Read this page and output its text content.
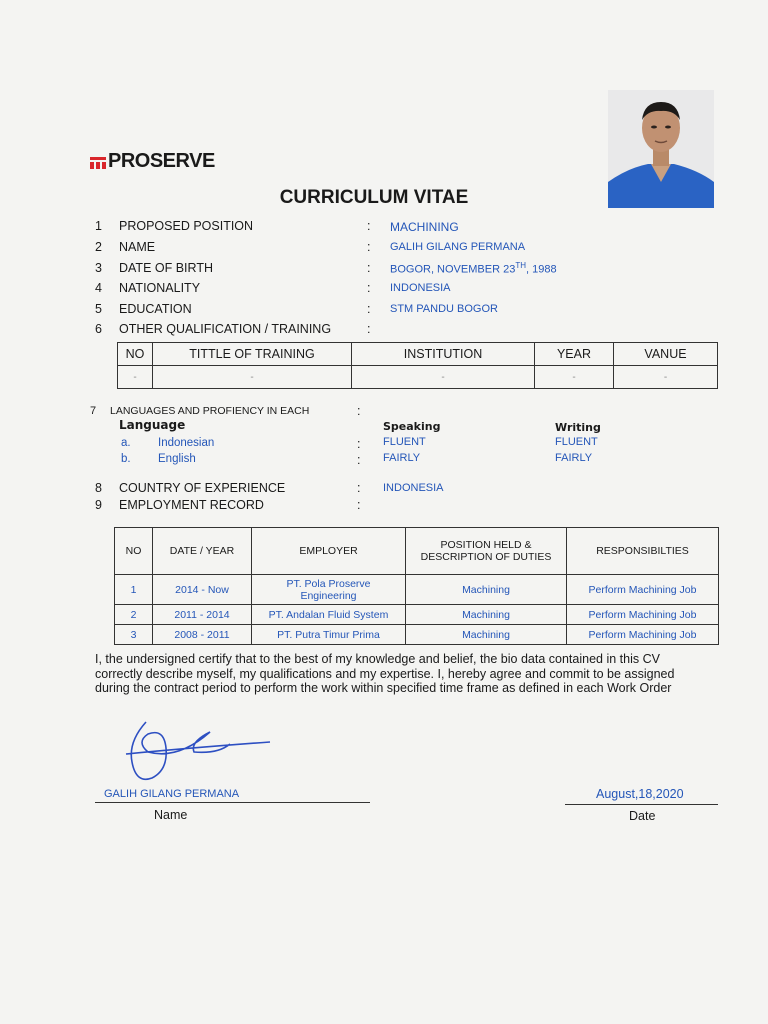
PROSERVE
CURRICULUM VITAE
1 PROPOSED POSITION	: MACHINING
2 NAME	: GALIH GILANG PERMANA
3 DATE OF BIRTH	: BOGOR, NOVEMBER 23TH, 1988
4 NATIONALITY	: INDONESIA
5 EDUCATION	: STM PANDU BOGOR
6 OTHER QUALIFICATION / TRAINING	:
NO	TITTLE OF TRAINING	INSTITUTION	YEAR	VANUE
-	-	-	-	-
7 LANGUAGES AND PROFIENCY IN EACH	:
Language	Speaking	Writing
a. Indonesian	: FLUENT	FLUENT
b. English	: FAIRLY	FAIRLY
8 COUNTRY OF EXPERIENCE	: INDONESIA
9 EMPLOYMENT RECORD	:
NO	DATE / YEAR	EMPLOYER	POSITION HELD & DESCRIPTION OF DUTIES	RESPONSIBILTIES
1	2014 - Now	PT. Pola Proserve Engineering	Machining	Perform Machining Job
2	2011 - 2014	PT. Andalan Fluid System	Machining	Perform Machining Job
3	2008 - 2011	PT. Putra Timur Prima	Machining	Perform Machining Job
I, the undersigned certify that to the best of my knowledge and belief, the bio data contained in this CV correctly describe myself, my qualifications and my expertise. I, hereby agree and commit to be assigned during the contract period to perform the work within specified time frame as defined in each Work Order
GALIH GILANG PERMANA
Name
August,18,2020
Date
